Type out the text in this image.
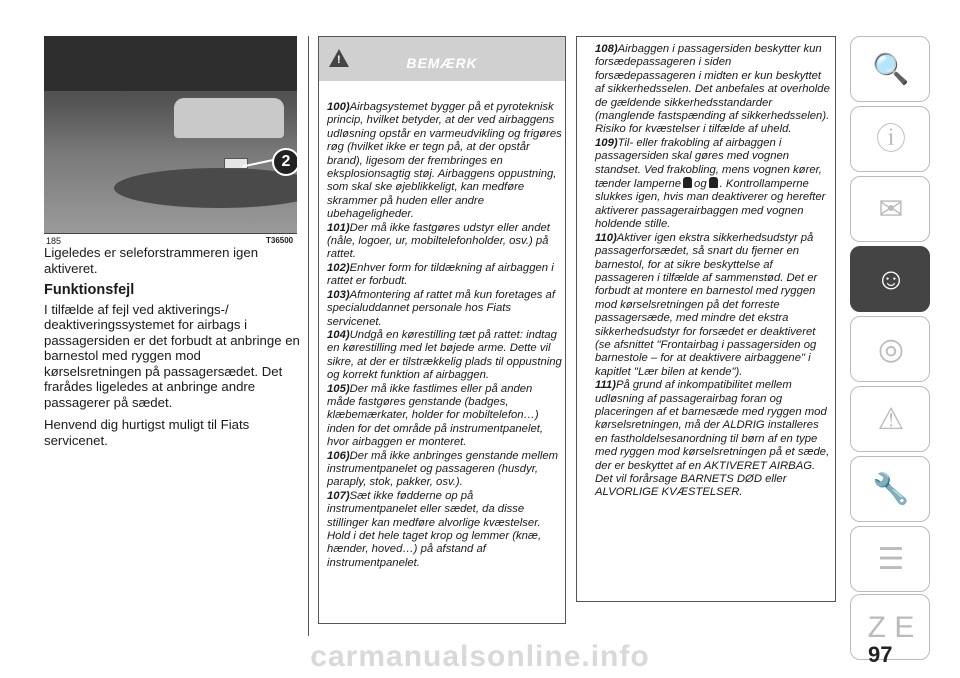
2
185	T36500

Ligeledes er seleforstrammeren igen aktiveret.

Funktionsfejl

I tilfælde af fejl ved aktiverings-/ deaktiveringssystemet for airbags i passagersiden er det forbudt at anbringe en barnestol med ryggen mod kørselsretningen på passagersædet. Det frarådes ligeledes at anbringe andre passagerer på sædet.

Henvend dig hurtigst muligt til Fiats servicenet.

!	BEMÆRK

100)Airbagsystemet bygger på et pyroteknisk princip, hvilket betyder, at der ved airbaggens udløsning opstår en varmeudvikling og frigøres røg (hvilket ikke er tegn på, at der opstår brand), ligesom der frembringes en eksplosionsagtig støj. Airbaggens oppustning, som skal ske øjeblikkeligt, kan medføre skrammer på huden eller andre ubehageligheder.

101)Der må ikke fastgøres udstyr eller andet (nåle, logoer, ur, mobiltelefonholder, osv.) på rattet.

102)Enhver form for tildækning af airbaggen i rattet er forbudt.

103)Afmontering af rattet må kun foretages af specialuddannet personale hos Fiats servicenet.

104)Undgå en kørestilling tæt på rattet: indtag en kørestilling med let bøjede arme. Dette vil sikre, at der er tilstrækkelig plads til oppustning og korrekt funktion af airbaggen.

105)Der må ikke fastlimes eller på anden måde fastgøres genstande (badges, klæbemærkater, holder for mobiltelefon…) inden for det område på instrumentpanelet, hvor airbaggen er monteret.

106)Der må ikke anbringes genstande mellem instrumentpanelet og passageren (husdyr, paraply, stok, pakker, osv.).

107)Sæt ikke fødderne op på instrumentpanelet eller sædet, da disse stillinger kan medføre alvorlige kvæstelser. Hold i det hele taget krop og lemmer (knæ, hænder, hoved…) på afstand af instrumentpanelet.

108)Airbaggen i passagersiden beskytter kun forsædepassageren i siden forsædepassageren i midten er kun beskyttet af sikkerhedsselen. Det anbefales at overholde de gældende sikkerhedsstandarder (manglende fastspænding af sikkerhedsselen). Risiko for kvæstelser i tilfælde af uheld.

109)Til- eller frakobling af airbaggen i passagersiden skal gøres med vognen standset. Ved frakobling, mens vognen kører, tænder lamperne og . Kontrollamperne slukkes igen, hvis man deaktiverer og herefter aktiverer passagerairbaggen med vognen holdende stille.

110)Aktiver igen ekstra sikkerhedsudstyr på passagerforsædet, så snart du fjerner en barnestol, for at sikre beskyttelse af passageren i tilfælde af sammenstød. Det er forbudt at montere en barnestol med ryggen mod kørselsretningen på det forreste passagersæde, med mindre det ekstra sikkerhedsudstyr for forsædet er deaktiveret (se afsnittet "Frontairbag i passagersiden og barnestole – for at deaktivere airbaggene" i kapitlet "Lær bilen at kende").

111)På grund af inkompatibilitet mellem udløsning af passagerairbag foran og placeringen af et barnesæde med ryggen mod kørselsretningen, må der ALDRIG installeres en fastholdelsesanordning til børn af en type med ryggen mod kørselsretningen på et sæde, der er beskyttet af en AKTIVERET AIRBAG. Det vil forårsage BARNETS DØD eller ALVORLIGE KVÆSTELSER.

🔍
ⓘ
✉
☺
◎
⚠
🔧
☰
Z E
carmanualsonline.info	97
